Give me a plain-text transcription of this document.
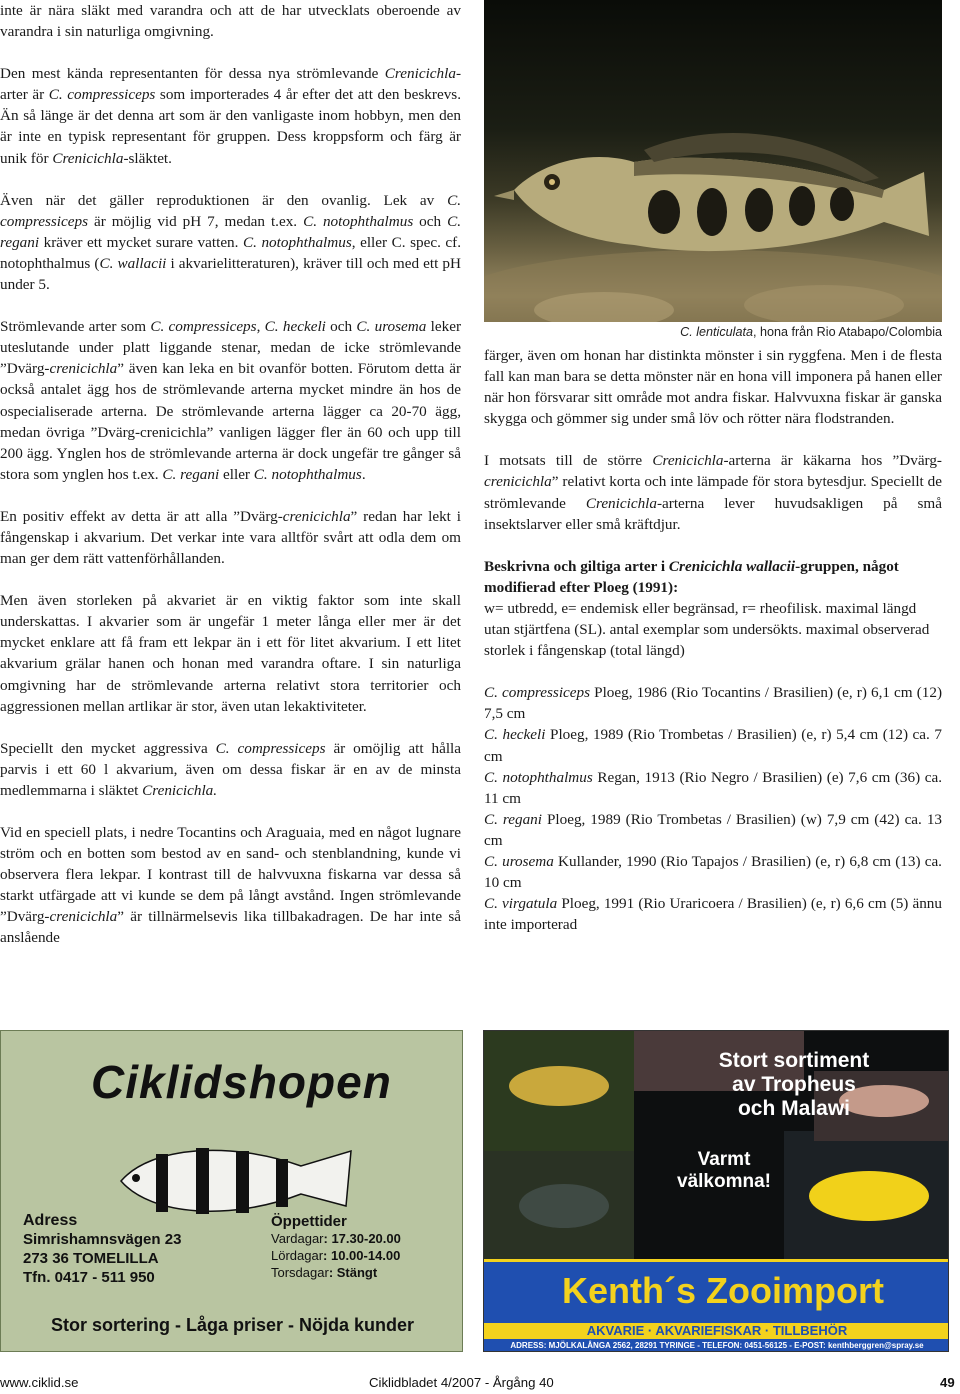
inte är nära släkt med varandra och att de har utvecklats oberoende av varandra i sin naturliga omgivning.

Den mest kända representanten för dessa nya strömlevande Crenicichla-arter är C. compressiceps som importerades 4 år efter det att den beskrevs. Än så länge är det denna art som är den vanligaste inom hobbyn, men den är inte en typisk representant för gruppen. Dess kroppsform och färg är unik för Crenicichla-släktet.

Även när det gäller reproduktionen är den ovanlig. Lek av C. compressiceps är möjlig vid pH 7, medan t.ex. C. notophthalmus och C. regani kräver ett mycket surare vatten. C. notophthalmus, eller C. spec. cf. notophthalmus (C. wallacii i akvarielitteraturen), kräver till och med ett pH under 5.

Strömlevande arter som C. compressiceps, C. heckeli och C. urosema leker uteslutande under platt liggande stenar, medan de icke strömlevande ”Dvärg-crenicichla” även kan leka en bit ovanför botten. Förutom detta är också antalet ägg hos de strömlevande arterna mycket mindre än hos de ospecialiserade arterna. De strömlevande arterna lägger ca 20-70 ägg, medan övriga ”Dvärg-crenicichla” vanligen lägger fler än 60 och upp till 200 ägg. Ynglen hos de strömlevande arterna är dock ungefär tre gånger så stora som ynglen hos t.ex. C. regani eller C. notophthalmus.

En positiv effekt av detta är att alla ”Dvärg-crenicichla” redan har lekt i fångenskap i akvarium. Det verkar inte vara alltför svårt att odla dem om man ger dem rätt vattenförhållanden.

Men även storleken på akvariet är en viktig faktor som inte skall underskattas. I akvarier som är ungefär 1 meter långa eller mer är det mycket enklare att få fram ett lekpar än i ett för litet akvarium. I ett litet akvarium grälar hanen och honan med varandra oftare. I sin naturliga omgivning har de strömlevande arterna relativt stora territorier och aggressionen mellan artlikar är stor, även utan lekaktiviteter.

Speciellt den mycket aggressiva C. compressiceps är omöjlig att hålla parvis i ett 60 l akvarium, även om dessa fiskar är en av de minsta medlemmarna i släktet Crenicichla.

Vid en speciell plats, i nedre Tocantins och Araguaia, med en något lugnare ström och en botten som bestod av en sand- och stenblandning, kunde vi observera flera lekpar. I kontrast till de halvvuxna fiskarna var dessa så starkt utfärgade att vi kunde se dem på långt avstånd. Ingen strömlevande ”Dvärg-crenicichla” är tillnärmelsevis lika tillbakadragen. De har inte så anslående

C. lenticulata, hona från Rio Atabapo/Colombia

färger, även om honan har distinkta mönster i sin ryggfena. Men i de flesta fall kan man bara se detta mönster när en hona vill imponera på hanen eller när hon försvarar sitt område mot andra fiskar. Halvvuxna fiskar är ganska skygga och gömmer sig under små löv och rötter nära flodstranden.

I motsats till de större Crenicichla-arterna är käkarna hos ”Dvärg-crenicichla” relativt korta och inte lämpade för stora bytesdjur. Speciellt de strömlevande Crenicichla-arterna lever huvudsakligen på små insektslarver eller små kräftdjur.

Beskrivna och giltiga arter i Crenicichla wallacii-gruppen, något modifierad efter Ploeg (1991):
w= utbredd, e= endemisk eller begränsad, r= rheofilisk. maximal längd utan stjärtfena (SL). antal exemplar som undersökts. maximal observerad storlek i fångenskap (total längd)

C. compressiceps Ploeg, 1986 (Rio Tocantins / Brasilien) (e, r) 6,1 cm (12) 7,5 cm

C. heckeli Ploeg, 1989 (Rio Trombetas / Brasilien) (e, r) 5,4 cm (12) ca. 7 cm

C. notophthalmus Regan, 1913 (Rio Negro / Brasilien) (e) 7,6 cm (36) ca. 11 cm

C. regani Ploeg, 1989 (Rio Trombetas / Brasilien) (w) 7,9 cm (42) ca. 13 cm

C. urosema Kullander, 1990 (Rio Tapajos / Brasilien) (e, r) 6,8 cm (13) ca. 10 cm

C. virgatula Ploeg, 1991 (Rio Uraricoera / Brasilien) (e, r) 6,6 cm (5) ännu inte importerad

Ciklidshopen
Adress
Simrishamnsvägen 23
273 36 TOMELILLA
Tfn. 0417 - 511 950
Öppettider
Vardagar: 17.30-20.00
Lördagar: 10.00-14.00
Torsdagar: Stängt
Stor sortering - Låga priser - Nöjda kunder
Stort sortiment
av Tropheus
och Malawi
Varmt
välkomna!
Kenth´s Zooimport
AKVARIE · AKVARIEFISKAR · TILLBEHÖR
ADRESS: MJÖLKALÅNGA 2562, 28291 TYRINGE - TELEFON: 0451-56125 - E-POST: kenthberggren@spray.se
www.ciklid.se	Ciklidbladet 4/2007 - Årgång 40	49
